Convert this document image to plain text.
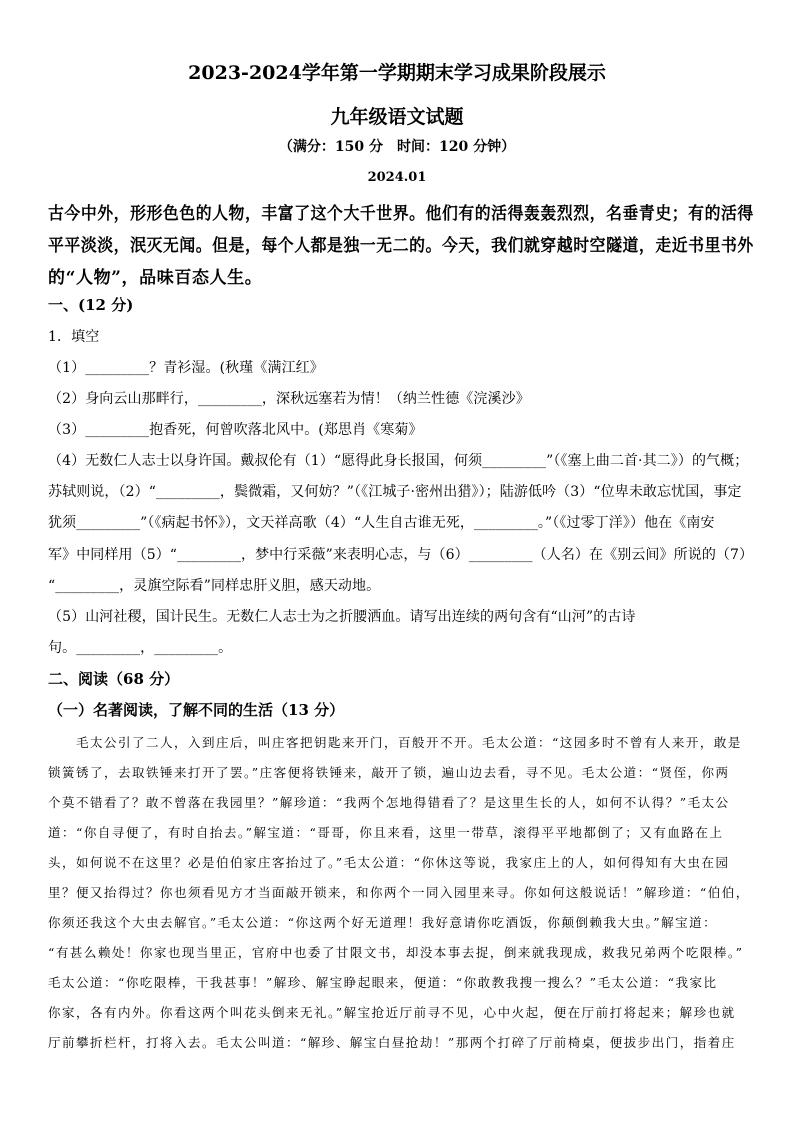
2023-2024学年第一学期期末学习成果阶段展示
九年级语文试题
（满分：150 分　时间：120 分钟）
2024.01
古今中外，形形色色的人物，丰富了这个大千世界。他们有的活得轰轰烈烈，名垂青史；有的活得
平平淡淡，泯灭无闻。但是，每个人都是独一无二的。今天，我们就穿越时空隧道，走近书里书外
的“人物”，品味百态人生。
一、(12 分)
1．填空
（1）_________？青衫湿。(秋瑾《满江红》
（2）身向云山那畔行，_________，深秋远塞若为情！（纳兰性德《浣溪沙》
（3）_________抱香死，何曾吹落北风中。(郑思肖《寒菊》
（4）无数仁人志士以身许国。戴叔伦有（1）“愿得此身长报国，何须_________”（《塞上曲二首·其二》）的气概；
苏轼则说，（2）“_________，鬓微霜，又何妨？”（《江城子·密州出猎》）；陆游低吟（3）“位卑未敢忘忧国，事定
犹须_________”（《病起书怀》），文天祥高歌（4）“人生自古谁无死，_________。”（《过零丁洋》）他在《南安
军》中同样用（5）“_________，梦中行采薇”来表明心志，与（6）_________（人名）在《别云间》所说的（7）
“_________，灵旗空际看”同样忠肝义胆，感天动地。
（5）山河社稷，国计民生。无数仁人志士为之折腰洒血。请写出连续的两句含有“山河”的古诗
句。_________，_________。
二、阅读（68 分）
（一）名著阅读，了解不同的生活（13 分）
　　毛太公引了二人，入到庄后，叫庄客把钥匙来开门，百般开不开。毛太公道：“这园多时不曾有人来开，敢是
锁簧锈了，去取铁锤来打开了罢。”庄客便将铁锤来，敲开了锁，遍山边去看，寻不见。毛太公道：“贤侄，你两
个莫不错看了？敢不曾落在我园里？”解珍道：“我两个怎地得错看了？是这里生长的人，如何不认得？”毛太公
道：“你自寻便了，有时自抬去。”解宝道：“哥哥，你且来看，这里一带草，滚得平平地都倒了；又有血路在上
头，如何说不在这里？必是伯伯家庄客抬过了。”毛太公道：“你休这等说，我家庄上的人，如何得知有大虫在园
里？便又抬得过？你也须看见方才当面敲开锁来，和你两个一同入园里来寻。你如何这般说话！”解珍道：“伯伯，
你须还我这个大虫去解官。”毛太公道：“你这两个好无道理！我好意请你吃酒饭，你颠倒赖我大虫。”解宝道：
“有甚么赖处！你家也现当里正，官府中也委了甘限文书，却没本事去捉，倒来就我现成，救我兄弟两个吃限棒。”
毛太公道：“你吃限棒，干我甚事！”解珍、解宝睁起眼来，便道：“你敢教我搜一搜么？”毛太公道：“我家比
你家，各有内外。你看这两个叫花头倒来无礼。”解宝抢近厅前寻不见，心中火起，便在厅前打将起来；解珍也就
厅前攀折栏杆，打将入去。毛太公叫道：“解珍、解宝白昼抢劫！”那两个打碎了厅前椅桌，便拔步出门，指着庄
